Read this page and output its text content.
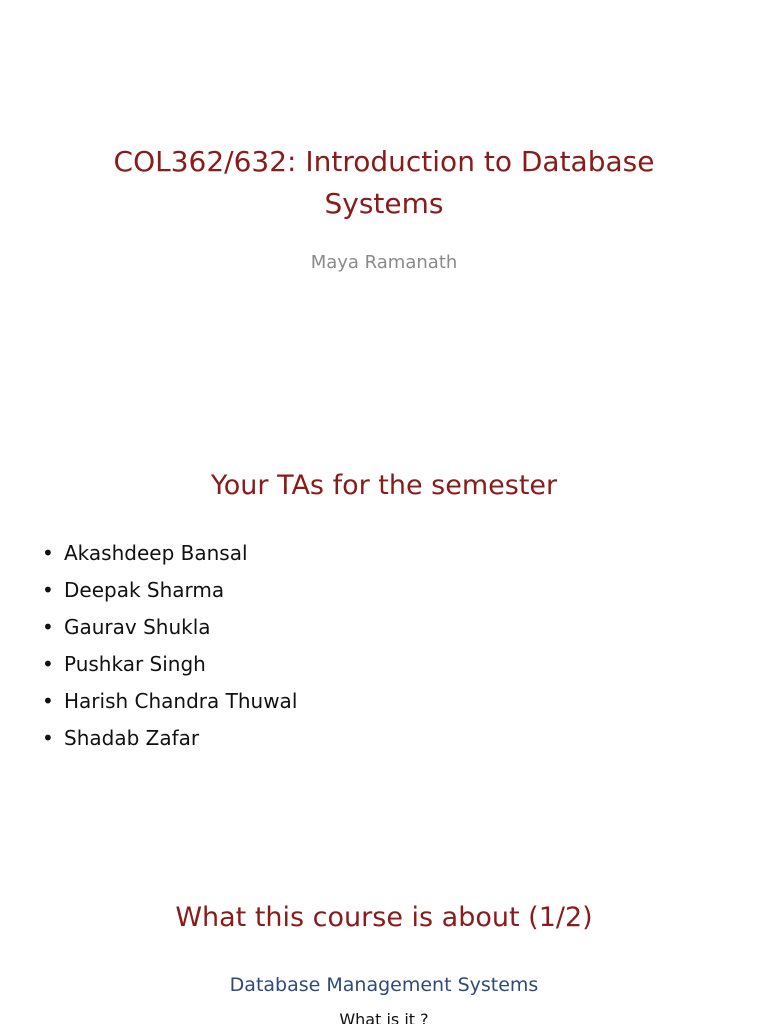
COL362/632: Introduction to Database

Systems

Maya Ramanath

Your TAs for the semester

• Akashdeep Bansal
• Deepak Sharma
• Gaurav Shukla
• Pushkar Singh
• Harish Chandra Thuwal
• Shadab Zafar

What this course is about (1/2)

Database Management Systems

What is it ?
